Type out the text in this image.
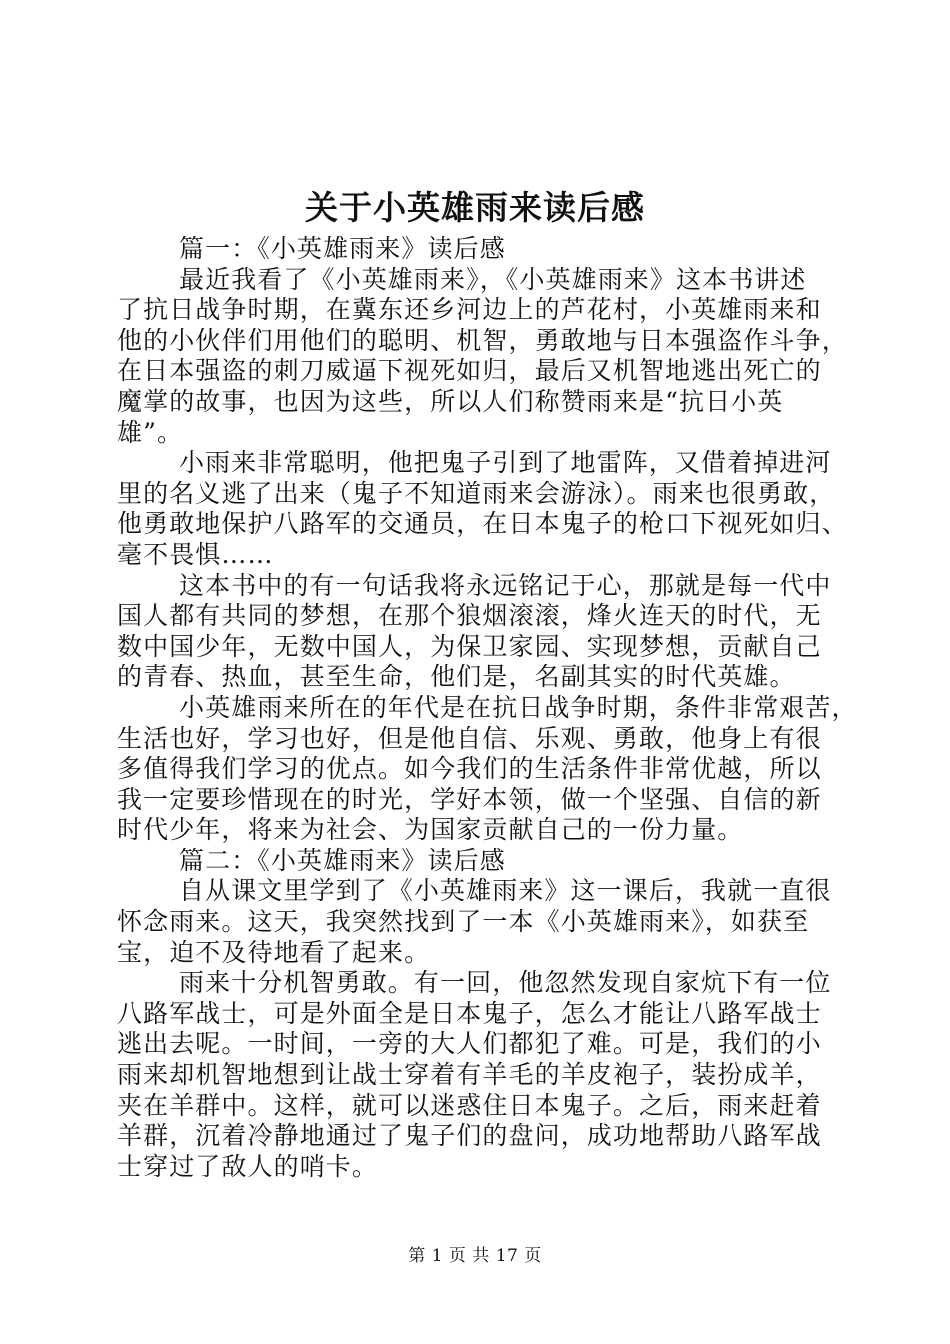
关于小英雄雨来读后感
篇一：《小英雄雨来》读后感
最近我看了《小英雄雨来》，《小英雄雨来》这本书讲述
了抗日战争时期，在冀东还乡河边上的芦花村，小英雄雨来和
他的小伙伴们用他们的聪明、机智，勇敢地与日本强盗作斗争，
在日本强盗的刺刀威逼下视死如归，最后又机智地逃出死亡的
魔掌的故事，也因为这些，所以人们称赞雨来是“抗日小英
雄”。
小雨来非常聪明，他把鬼子引到了地雷阵，又借着掉进河
里的名义逃了出来（鬼子不知道雨来会游泳）。雨来也很勇敢，
他勇敢地保护八路军的交通员，在日本鬼子的枪口下视死如归、
毫不畏惧……
这本书中的有一句话我将永远铭记于心，那就是每一代中
国人都有共同的梦想，在那个狼烟滚滚，烽火连天的时代，无
数中国少年，无数中国人，为保卫家园、实现梦想，贡献自己
的青春、热血，甚至生命，他们是，名副其实的时代英雄。
小英雄雨来所在的年代是在抗日战争时期，条件非常艰苦，
生活也好，学习也好，但是他自信、乐观、勇敢，他身上有很
多值得我们学习的优点。如今我们的生活条件非常优越，所以
我一定要珍惜现在的时光，学好本领，做一个坚强、自信的新
时代少年，将来为社会、为国家贡献自己的一份力量。
篇二：《小英雄雨来》读后感
自从课文里学到了《小英雄雨来》这一课后，我就一直很
怀念雨来。这天，我突然找到了一本《小英雄雨来》，如获至
宝，迫不及待地看了起来。
雨来十分机智勇敢。有一回，他忽然发现自家炕下有一位
八路军战士，可是外面全是日本鬼子，怎么才能让八路军战士
逃出去呢。一时间，一旁的大人们都犯了难。可是，我们的小
雨来却机智地想到让战士穿着有羊毛的羊皮袍子，装扮成羊，
夹在羊群中。这样，就可以迷惑住日本鬼子。之后，雨来赶着
羊群，沉着冷静地通过了鬼子们的盘问，成功地帮助八路军战
士穿过了敌人的哨卡。
第 1 页 共 17 页
